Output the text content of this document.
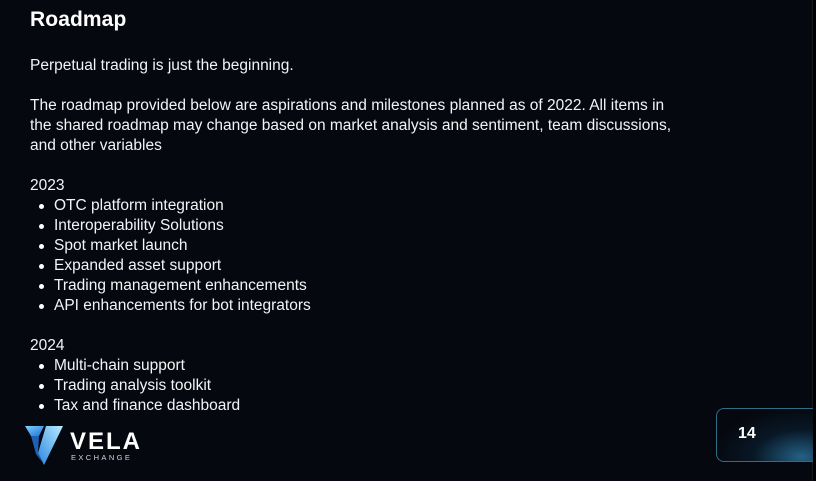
Roadmap

Perpetual trading is just the beginning.

The roadmap provided below are aspirations and milestones planned as of 2022. All items in

the shared roadmap may change based on market analysis and sentiment, team discussions,

and other variables

2023

OTC platform integration
Interoperability Solutions
Spot market launch
Expanded asset support
Trading management enhancements
API enhancements for bot integrators

2024

Multi-chain support
Trading analysis toolkit
Tax and finance dashboard
VELA
EXCHANGE
14
